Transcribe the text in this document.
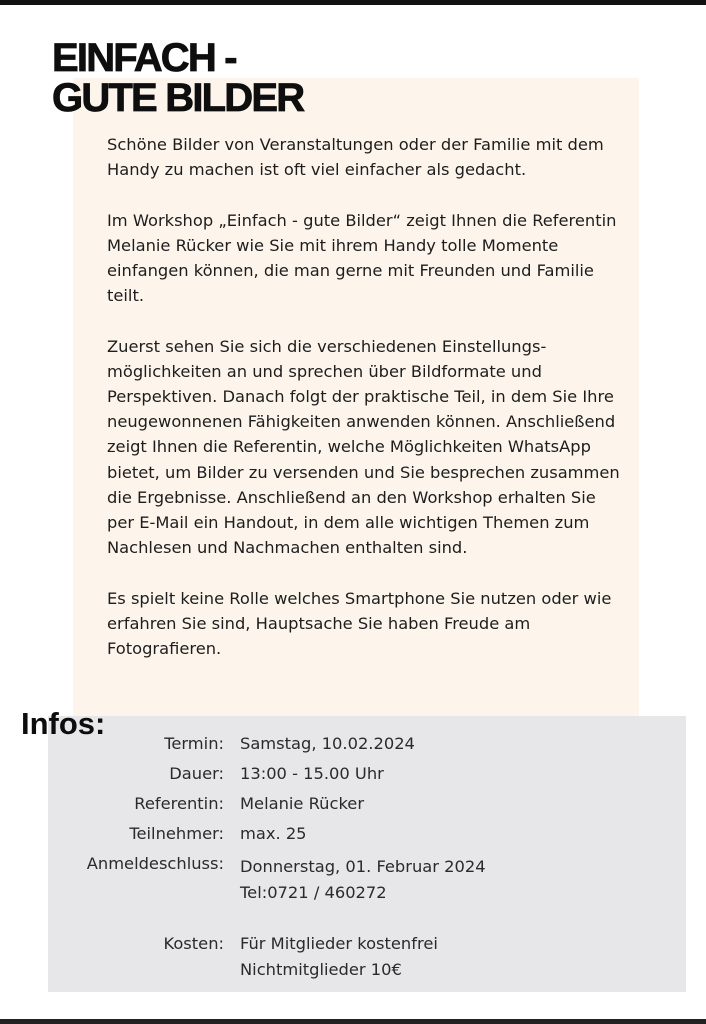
EINFACH -
GUTE BILDER

Schöne Bilder von Veranstaltungen oder der Familie mit dem Handy zu machen ist oft viel einfacher als gedacht.

Im Workshop „Einfach - gute Bilder“ zeigt Ihnen die Referentin Melanie Rücker wie Sie mit ihrem Handy tolle Momente einfangen können, die man gerne mit Freunden und Familie teilt.

Zuerst sehen Sie sich die verschiedenen Einstellungs-möglichkeiten an und sprechen über Bildformate und Perspektiven. Danach folgt der praktische Teil, in dem Sie Ihre neugewonnenen Fähigkeiten anwenden können. Anschließend zeigt Ihnen die Referentin, welche Möglichkeiten WhatsApp bietet, um Bilder zu versenden und Sie besprechen zusammen die Ergebnisse. Anschließend an den Workshop erhalten Sie per E-Mail ein Handout, in dem alle wichtigen Themen zum Nachlesen und Nachmachen enthalten sind.

Es spielt keine Rolle welches Smartphone Sie nutzen oder wie erfahren Sie sind, Hauptsache Sie haben Freude am Fotografieren.

Infos:
Termin: Samstag, 10.02.2024
Dauer: 13:00 - 15.00 Uhr
Referentin: Melanie Rücker
Teilnehmer: max. 25
Anmeldeschluss: Donnerstag, 01. Februar 2024
Tel:0721 / 460272
Kosten: Für Mitglieder kostenfrei
Nichtmitglieder 10€
